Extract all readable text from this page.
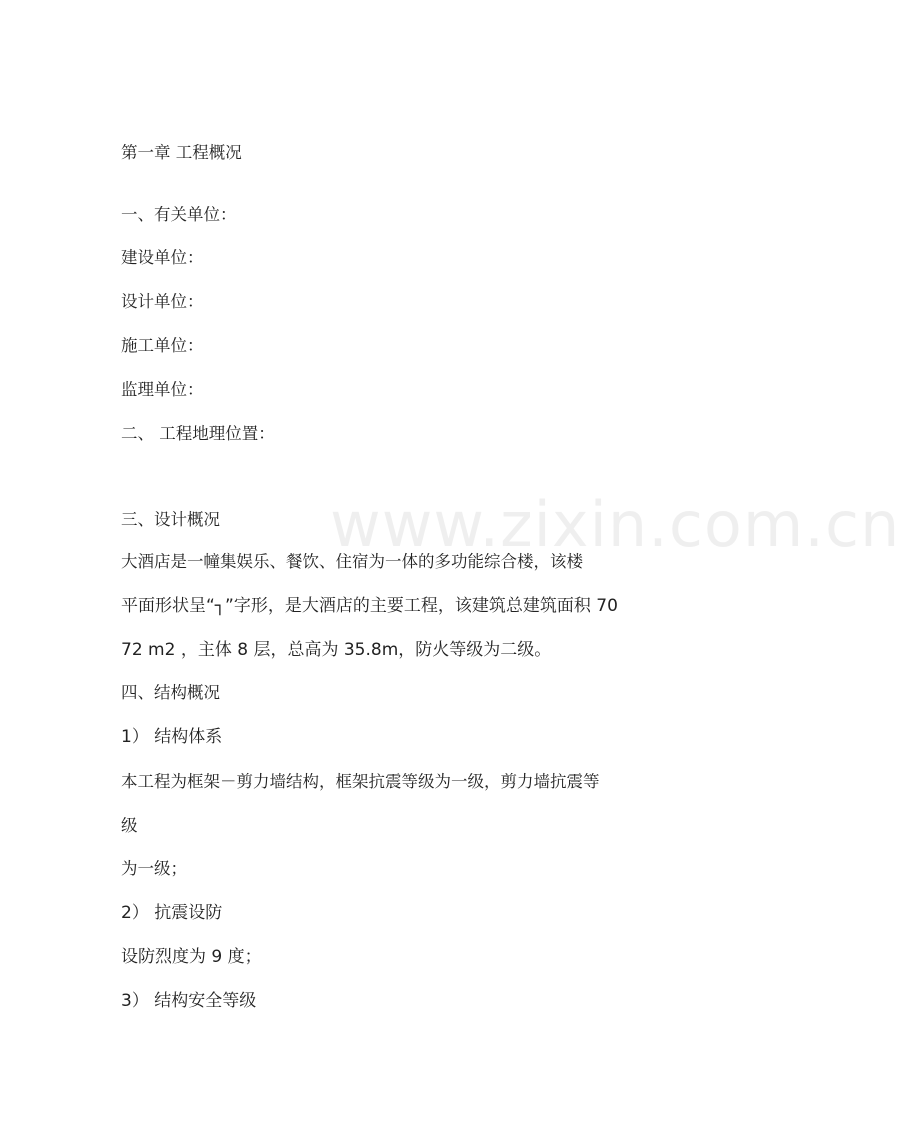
www.zixin.com.cn
第一章 工程概况
一、有关单位：
建设单位：
设计单位：
施工单位：
监理单位：
二、 工程地理位置：
三、设计概况
大酒店是一幢集娱乐、餐饮、住宿为一体的多功能综合楼，该楼
平面形状呈“┐”字形，是大酒店的主要工程，该建筑总建筑面积 70
72 m2 ，主体 8 层，总高为 35.8m，防火等级为二级。
四、结构概况
1） 结构体系
本工程为框架－剪力墙结构，框架抗震等级为一级，剪力墙抗震等
级
为一级；
2） 抗震设防
设防烈度为 9 度；
3） 结构安全等级
